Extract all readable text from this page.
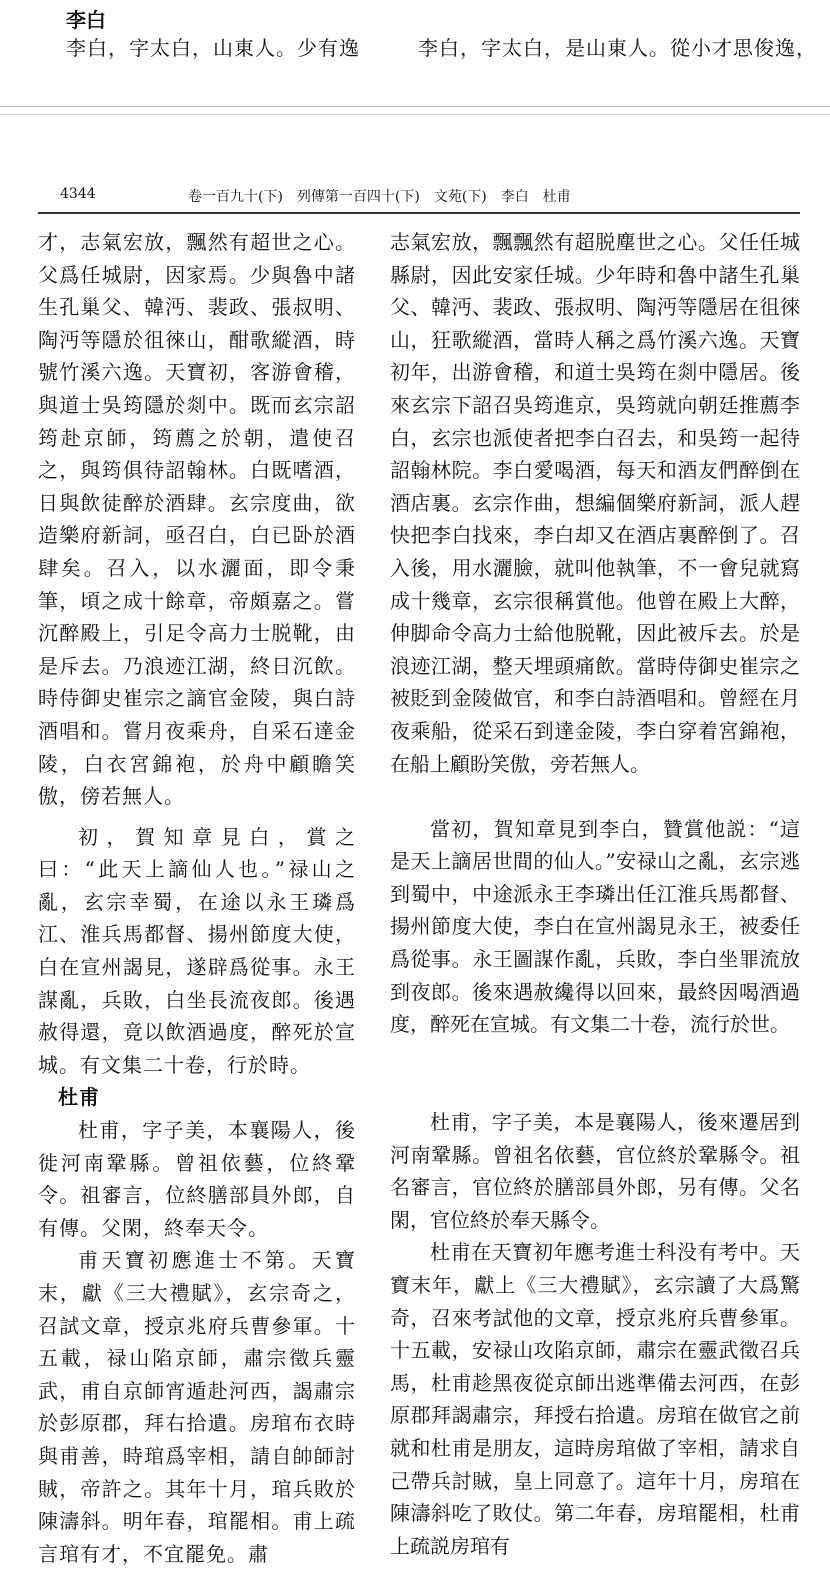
李白
李白，字太白，山東人。少有逸	李白，字太白，是山東人。從小才思俊逸，
4344	卷一百九十(下)　列傳第一百四十(下)　文苑(下)　李白　杜甫

才，志氣宏放，飄然有超世之心。父爲任城尉，因家焉。少與魯中諸生孔巢父、韓沔、裴政、張叔明、陶沔等隱於徂徠山，酣歌縱酒，時號竹溪六逸。天寶初，客游會稽，與道士吳筠隱於剡中。既而玄宗詔筠赴京師，筠薦之於朝，遣使召之，與筠俱待詔翰林。白既嗜酒，日與飲徒醉於酒肆。玄宗度曲，欲造樂府新詞，亟召白，白已卧於酒肆矣。召入，以水灑面，即令秉筆，頃之成十餘章，帝頗嘉之。嘗沉醉殿上，引足令高力士脱靴，由是斥去。乃浪迹江湖，終日沉飲。時侍御史崔宗之謫官金陵，與白詩酒唱和。嘗月夜乘舟，自采石達金陵，白衣宮錦袍，於舟中顧瞻笑傲，傍若無人。

初，賀知章見白，賞之曰：“此天上謫仙人也。”禄山之亂，玄宗幸蜀，在途以永王璘爲江、淮兵馬都督、揚州節度大使，白在宣州謁見，遂辟爲從事。永王謀亂，兵敗，白坐長流夜郎。後遇赦得還，竟以飲酒過度，醉死於宣城。有文集二十卷，行於時。

杜甫

杜甫，字子美，本襄陽人，後徙河南鞏縣。曾祖依藝，位終鞏令。祖審言，位終膳部員外郎，自有傳。父閑，終奉天令。

甫天寶初應進士不第。天寶末，獻《三大禮賦》，玄宗奇之，召試文章，授京兆府兵曹參軍。十五載，禄山陷京師，肅宗徵兵靈武，甫自京師宵遁赴河西，謁肅宗於彭原郡，拜右拾遺。房琯布衣時與甫善，時琯爲宰相，請自帥師討賊，帝許之。其年十月，琯兵敗於陳濤斜。明年春，琯罷相。甫上疏言琯有才，不宜罷免。肅

志氣宏放，飄飄然有超脱塵世之心。父任任城縣尉，因此安家任城。少年時和魯中諸生孔巢父、韓沔、裴政、張叔明、陶沔等隱居在徂徠山，狂歌縱酒，當時人稱之爲竹溪六逸。天寶初年，出游會稽，和道士吳筠在剡中隱居。後來玄宗下詔召吳筠進京，吳筠就向朝廷推薦李白，玄宗也派使者把李白召去，和吳筠一起待詔翰林院。李白愛喝酒，每天和酒友們醉倒在酒店裏。玄宗作曲，想編個樂府新詞，派人趕快把李白找來，李白却又在酒店裏醉倒了。召入後，用水灑臉，就叫他執筆，不一會兒就寫成十幾章，玄宗很稱賞他。他曾在殿上大醉，伸脚命令高力士給他脱靴，因此被斥去。於是浪迹江湖，整天埋頭痛飲。當時侍御史崔宗之被貶到金陵做官，和李白詩酒唱和。曾經在月夜乘船，從采石到達金陵，李白穿着宮錦袍，在船上顧盼笑傲，旁若無人。

當初，賀知章見到李白，贊賞他説：“這是天上謫居世間的仙人。”安禄山之亂，玄宗逃到蜀中，中途派永王李璘出任江淮兵馬都督、揚州節度大使，李白在宣州謁見永王，被委任爲從事。永王圖謀作亂，兵敗，李白坐罪流放到夜郎。後來遇赦纔得以回來，最終因喝酒過度，醉死在宣城。有文集二十卷，流行於世。

杜甫，字子美，本是襄陽人，後來遷居到河南鞏縣。曾祖名依藝，官位終於鞏縣令。祖名審言，官位終於膳部員外郎，另有傳。父名閑，官位終於奉天縣令。

杜甫在天寶初年應考進士科没有考中。天寶末年，獻上《三大禮賦》，玄宗讀了大爲驚奇，召來考試他的文章，授京兆府兵曹參軍。十五載，安禄山攻陷京師，肅宗在靈武徵召兵馬，杜甫趁黑夜從京師出逃準備去河西，在彭原郡拜謁肅宗，拜授右拾遺。房琯在做官之前就和杜甫是朋友，這時房琯做了宰相，請求自己帶兵討賊，皇上同意了。這年十月，房琯在陳濤斜吃了敗仗。第二年春，房琯罷相，杜甫上疏説房琯有
